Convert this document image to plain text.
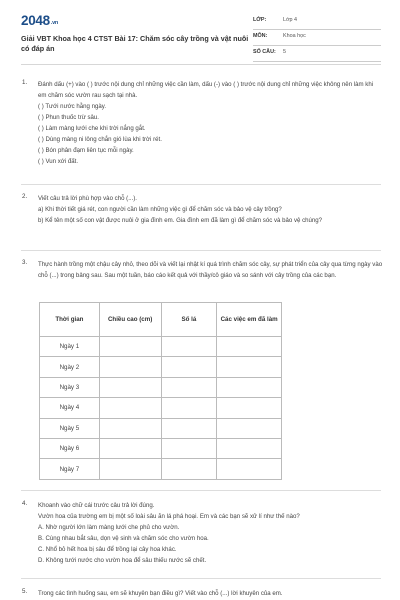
2048.vn
Giải VBT Khoa học 4 CTST Bài 17: Chăm sóc cây trồng và vật nuôi có đáp án
LỚP:	Lớp 4
MÔN:	Khoa học
SỐ CÂU: 5
1. Đánh dấu (+) vào ( ) trước nội dung chỉ những việc cần làm, dấu (-) vào ( ) trước nội dung chỉ những việc không nên làm khi em chăm sóc vườn rau sạch tại nhà.
( ) Tưới nước hằng ngày.
( ) Phun thuốc trừ sâu.
( ) Làm màng lưới che khi trời nắng gắt.
( ) Dùng màng ni lông chắn gió lùa khi trời rét.
( ) Bón phân đạm liên tục mỗi ngày.
( ) Vun xới đất.
2. Viết câu trả lời phù hợp vào chỗ (...).
a) Khi thời tiết giá rét, con người cần làm những việc gì để chăm sóc và bảo vệ cây trồng?
b) Kể tên một số con vật được nuôi ở gia đình em. Gia đình em đã làm gì để chăm sóc và bảo vệ chúng?
3. Thực hành trồng một chậu cây nhỏ, theo dõi và viết lại nhật kí quá trình chăm sóc cây, sự phát triển của cây qua từng ngày vào chỗ (...) trong bảng sau. Sau một tuần, báo cáo kết quả với thầy/cô giáo và so sánh với cây trồng của các bạn.
Thời gian	Chiều cao (cm)	Số lá	Các việc em đã làm
Ngày 1			
Ngày 2			
Ngày 3			
Ngày 4			
Ngày 5			
Ngày 6			
Ngày 7			
4. Khoanh vào chữ cái trước câu trả lời đúng.
Vườn hoa của trường em bị một số loài sâu ăn lá phá hoại. Em và các bạn sẽ xử lí như thế nào?
A. Nhờ người lớn làm màng lưới che phủ cho vườn.
B. Cùng nhau bắt sâu, dọn vệ sinh và chăm sóc cho vườn hoa.
C. Nhổ bỏ hết hoa bị sâu để trồng lại cây hoa khác.
D. Không tưới nước cho vườn hoa để sâu thiếu nước sẽ chết.
5. Trong các tình huống sau, em sẽ khuyên bạn điều gì? Viết vào chỗ (...) lời khuyên của em.
